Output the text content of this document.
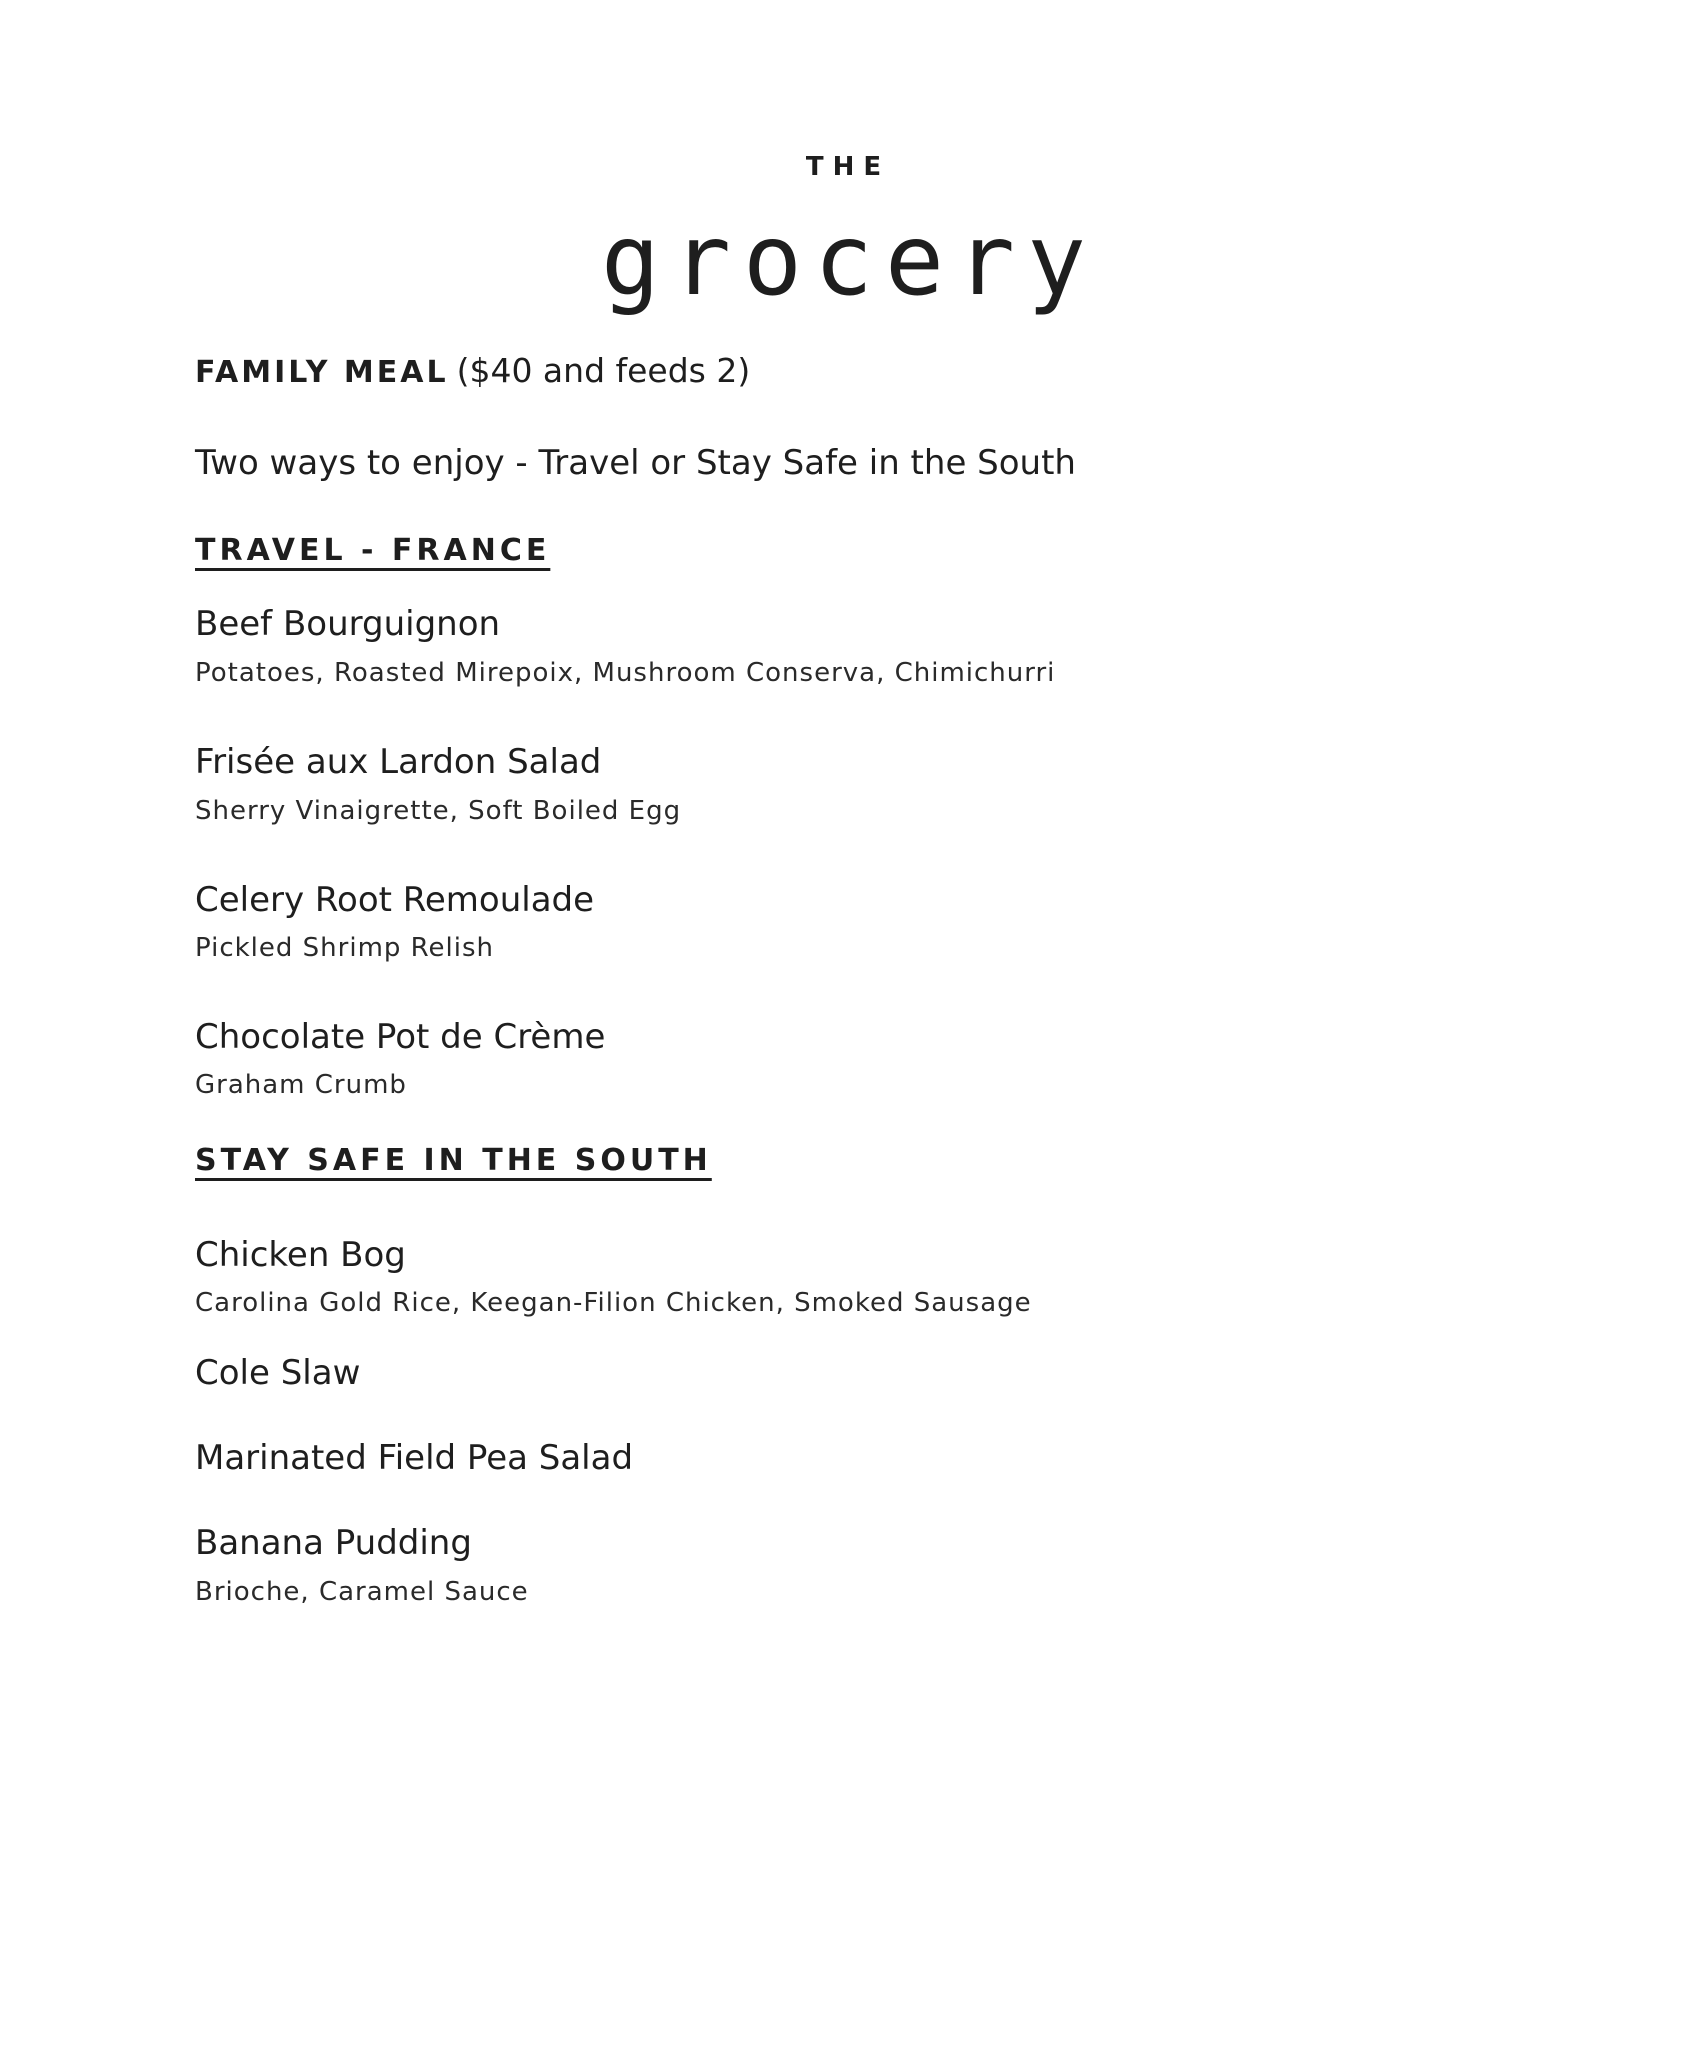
THE
grocery
FAMILY MEAL ($40 and feeds 2)
Two ways to enjoy - Travel or Stay Safe in the South
TRAVEL - FRANCE
Beef Bourguignon
Potatoes, Roasted Mirepoix, Mushroom Conserva, Chimichurri
Frisée aux Lardon Salad
Sherry Vinaigrette, Soft Boiled Egg
Celery Root Remoulade
Pickled Shrimp Relish
Chocolate Pot de Crème
Graham Crumb
STAY SAFE IN THE SOUTH
Chicken Bog
Carolina Gold Rice, Keegan-Filion Chicken, Smoked Sausage
Cole Slaw
Marinated Field Pea Salad
Banana Pudding
Brioche, Caramel Sauce
